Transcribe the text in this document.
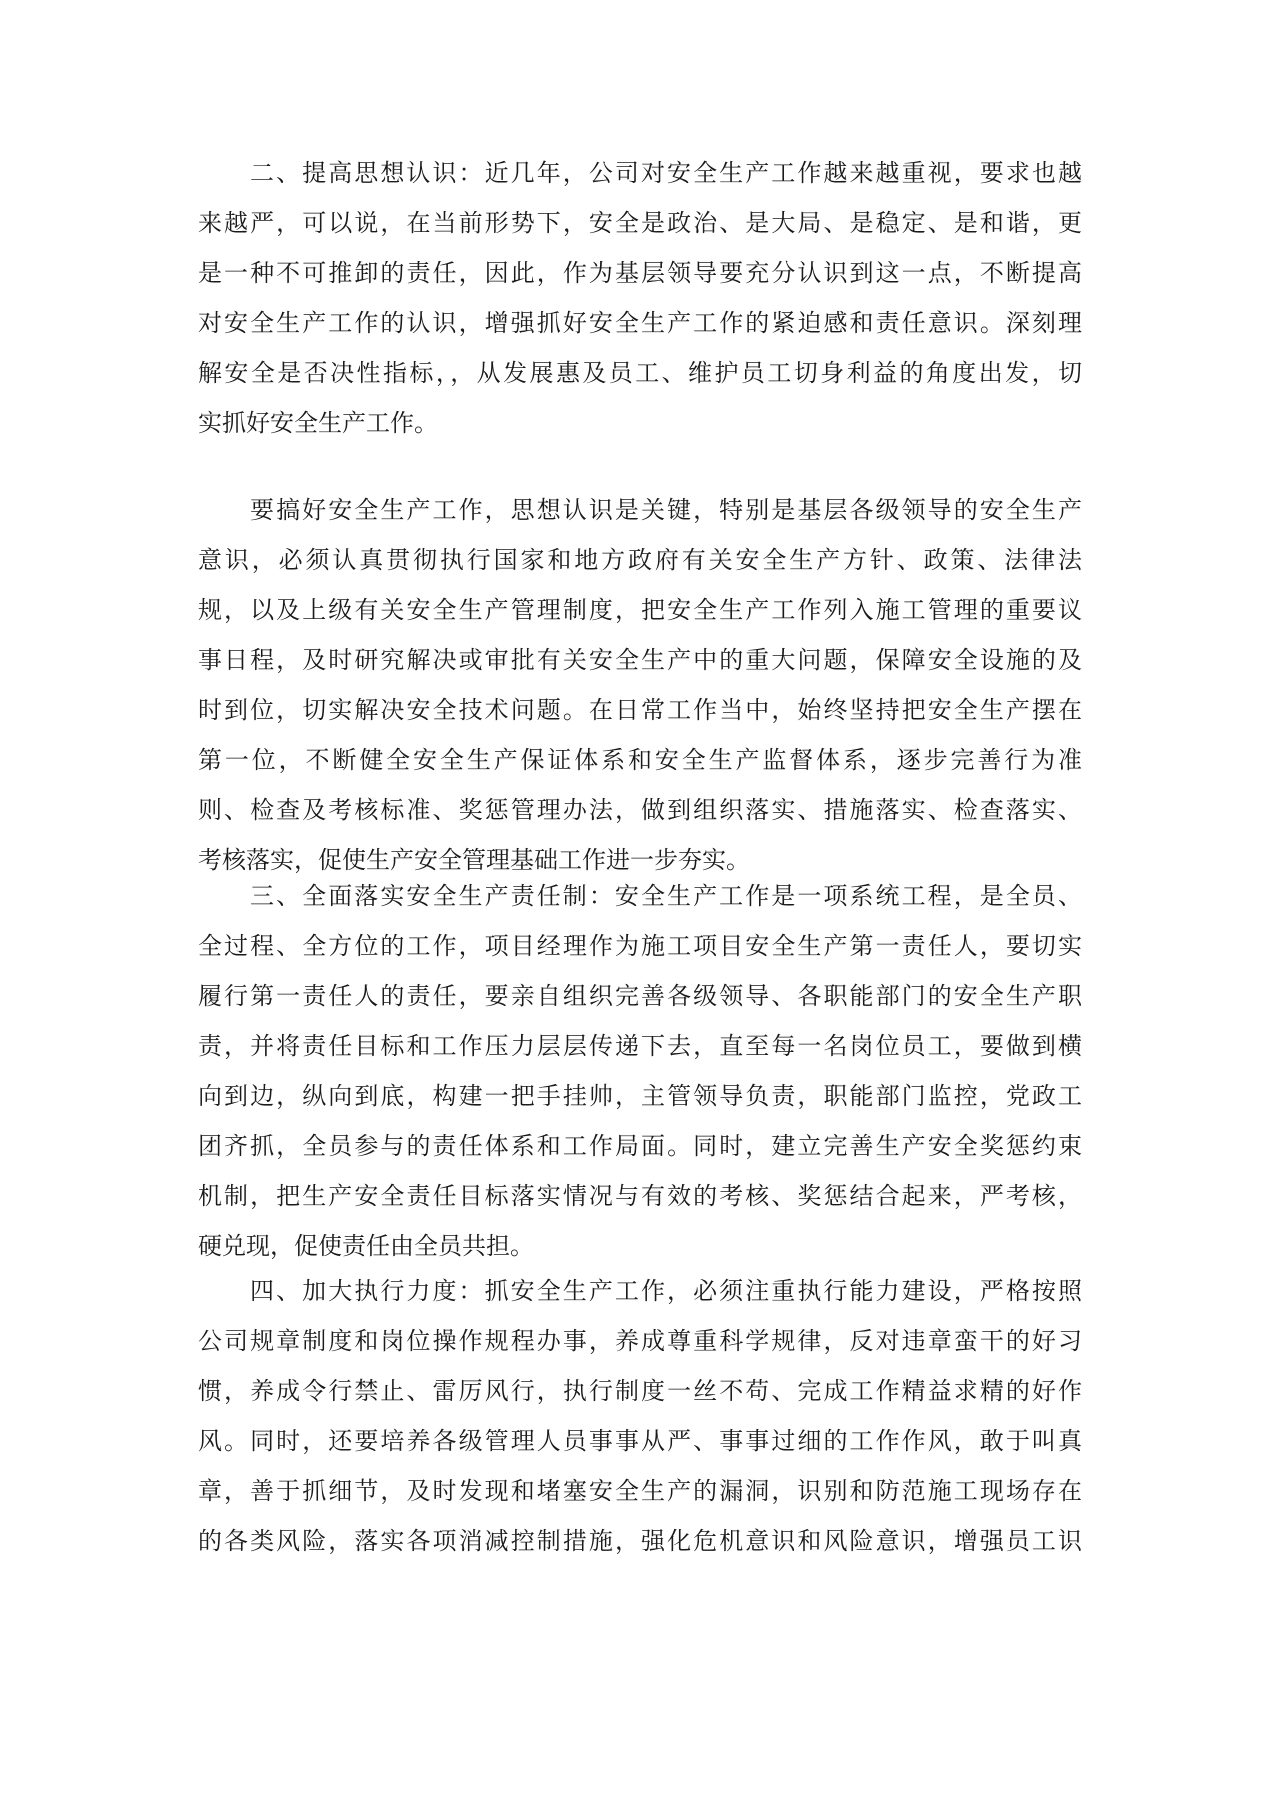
二、提高思想认识：近几年，公司对安全生产工作越来越重视，要求也越
来越严，可以说，在当前形势下，安全是政治、是大局、是稳定、是和谐，更
是一种不可推卸的责任，因此，作为基层领导要充分认识到这一点，不断提高
对安全生产工作的认识，增强抓好安全生产工作的紧迫感和责任意识。深刻理
解安全是否决性指标，，从发展惠及员工、维护员工切身利益的角度出发，切
实抓好安全生产工作。
要搞好安全生产工作，思想认识是关键，特别是基层各级领导的安全生产
意识，必须认真贯彻执行国家和地方政府有关安全生产方针、政策、法律法
规，以及上级有关安全生产管理制度，把安全生产工作列入施工管理的重要议
事日程，及时研究解决或审批有关安全生产中的重大问题，保障安全设施的及
时到位，切实解决安全技术问题。在日常工作当中，始终坚持把安全生产摆在
第一位，不断健全安全生产保证体系和安全生产监督体系，逐步完善行为准
则、检查及考核标准、奖惩管理办法，做到组织落实、措施落实、检查落实、
考核落实，促使生产安全管理基础工作进一步夯实。
三、全面落实安全生产责任制：安全生产工作是一项系统工程，是全员、
全过程、全方位的工作，项目经理作为施工项目安全生产第一责任人，要切实
履行第一责任人的责任，要亲自组织完善各级领导、各职能部门的安全生产职
责，并将责任目标和工作压力层层传递下去，直至每一名岗位员工，要做到横
向到边，纵向到底，构建一把手挂帅，主管领导负责，职能部门监控，党政工
团齐抓，全员参与的责任体系和工作局面。同时，建立完善生产安全奖惩约束
机制，把生产安全责任目标落实情况与有效的考核、奖惩结合起来，严考核，
硬兑现，促使责任由全员共担。
四、加大执行力度：抓安全生产工作，必须注重执行能力建设，严格按照
公司规章制度和岗位操作规程办事，养成尊重科学规律，反对违章蛮干的好习
惯，养成令行禁止、雷厉风行，执行制度一丝不苟、完成工作精益求精的好作
风。同时，还要培养各级管理人员事事从严、事事过细的工作作风，敢于叫真
章，善于抓细节，及时发现和堵塞安全生产的漏洞，识别和防范施工现场存在
的各类风险，落实各项消减控制措施，强化危机意识和风险意识，增强员工识
